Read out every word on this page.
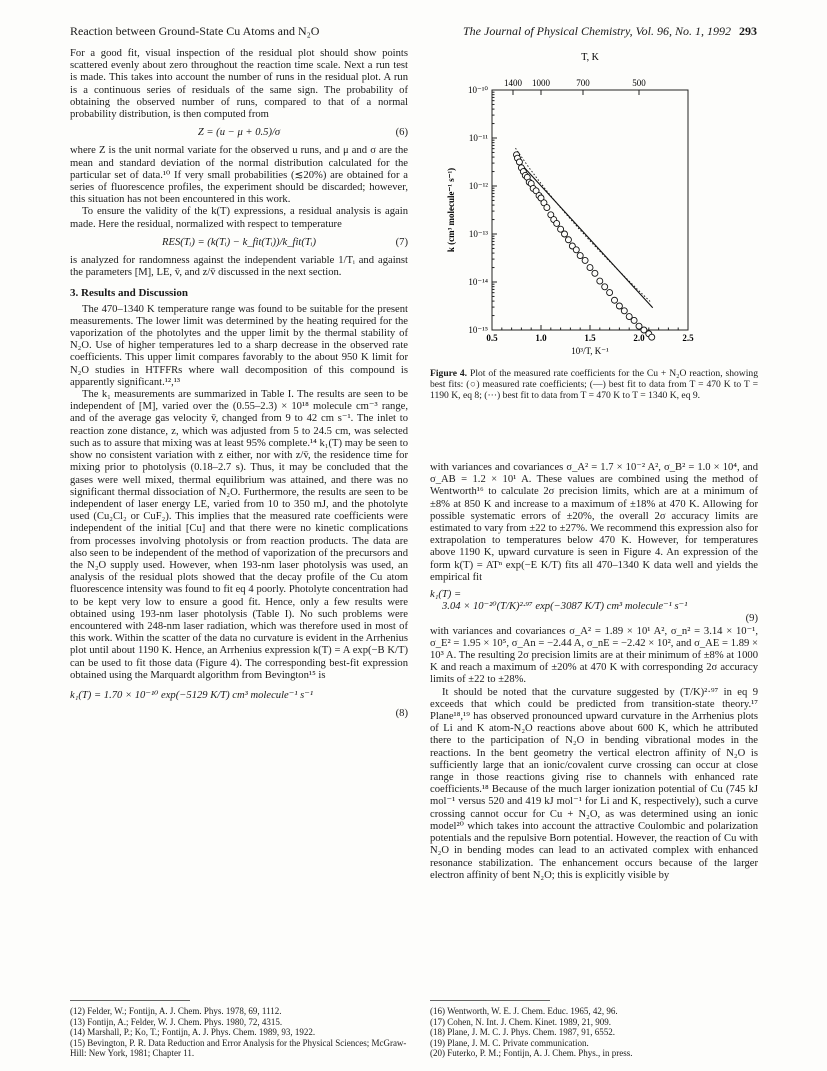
Reaction between Ground-State Cu Atoms and N₂O	The Journal of Physical Chemistry, Vol. 96, No. 1, 1992 293

For a good fit, visual inspection of the residual plot should show points scattered evenly about zero throughout the reaction time scale. Next a run test is made. This takes into account the number of runs in the residual plot. A run is a continuous series of residuals of the same sign. The probability of obtaining the observed number of runs, compared to that of a normal probability distribution, is then computed from

Z = (u − μ + 0.5)/σ	(6)

where Z is the unit normal variate for the observed u runs, and μ and σ are the mean and standard deviation of the normal distribution calculated for the particular set of data.¹⁰ If very small probabilities (≲20%) are obtained for a series of fluorescence profiles, the experiment should be discarded; however, this situation has not been encountered in this work.

To ensure the validity of the k(T) expressions, a residual analysis is again made. Here the residual, normalized with respect to temperature

RES(Tᵢ) = (k(Tᵢ) − k_fit(Tᵢ))/k_fit(Tᵢ)	(7)

is analyzed for randomness against the independent variable 1/Tᵢ and against the parameters [M], LE, v̄, and z/v̄ discussed in the next section.

3. Results and Discussion

The 470–1340 K temperature range was found to be suitable for the present measurements. The lower limit was determined by the heating required for the vaporization of the photolytes and the upper limit by the thermal stability of N₂O. Use of higher temperatures led to a sharp decrease in the observed rate coefficients. This upper limit compares favorably to the about 950 K limit for N₂O studies in HTFFRs where wall decomposition of this compound is apparently significant.¹²,¹³

The k₁ measurements are summarized in Table I. The results are seen to be independent of [M], varied over the (0.55–2.3) × 10¹⁸ molecule cm⁻³ range, and of the average gas velocity v̄, changed from 9 to 42 cm s⁻¹. The inlet to reaction zone distance, z, which was adjusted from 5 to 24.5 cm, was selected such as to assure that mixing was at least 95% complete.¹⁴ k₁(T) may be seen to show no consistent variation with z either, nor with z/v̄, the residence time for mixing prior to photolysis (0.18–2.7 s). Thus, it may be concluded that the gases were well mixed, thermal equilibrium was attained, and there was no significant thermal dissociation of N₂O. Furthermore, the results are seen to be independent of laser energy LE, varied from 10 to 350 mJ, and the photolyte used (Cu₂Cl₂ or CuF₂). This implies that the measured rate coefficients were independent of the initial [Cu] and that there were no kinetic complications from processes involving photolysis or from reaction products. The data are also seen to be independent of the method of vaporization of the precursors and the N₂O supply used. However, when 193-nm laser photolysis was used, an analysis of the residual plots showed that the decay profile of the Cu atom fluorescence intensity was found to fit eq 4 poorly. Photolyte concentration had to be kept very low to ensure a good fit. Hence, only a few results were obtained using 193-nm laser photolysis (Table I). No such problems were encountered with 248-nm laser radiation, which was therefore used in most of this work. Within the scatter of the data no curvature is evident in the Arrhenius plot until about 1190 K. Hence, an Arrhenius expression k(T) = A exp(−B K/T) can be used to fit those data (Figure 4). The corresponding best-fit expression obtained using the Marquardt algorithm from Bevington¹⁵ is

k₁(T) = 1.70 × 10⁻¹⁰ exp(−5129 K/T) cm³ molecule⁻¹ s⁻¹
(8)
T, K
1400 1000	700	500
10⁻¹⁰
10⁻¹¹
10⁻¹²
10⁻¹³
10⁻¹⁴
10⁻¹⁵
0.5	1.0	1.5	2.0	2.5
10³/T, K⁻¹
k (cm³ molecule⁻¹ s⁻¹)
Figure 4. Plot of the measured rate coefficients for the Cu + N₂O reaction, showing best fits: (○) measured rate coefficients; (—) best fit to data from T = 470 K to T = 1190 K, eq 8; (···) best fit to data from T = 470 K to T = 1340 K, eq 9.

with variances and covariances σ_A² = 1.7 × 10⁻² A², σ_B² = 1.0 × 10⁴, and σ_AB = 1.2 × 10¹ A. These values are combined using the method of Wentworth¹⁶ to calculate 2σ precision limits, which are at a minimum of ±8% at 850 K and increase to a maximum of ±18% at 470 K. Allowing for possible systematic errors of ±20%, the overall 2σ accuracy limits are estimated to vary from ±22 to ±27%. We recommend this expression also for extrapolation to temperatures below 470 K. However, for temperatures above 1190 K, upward curvature is seen in Figure 4. An expression of the form k(T) = ATⁿ exp(−E K/T) fits all 470–1340 K data well and yields the empirical fit

k₁(T) =
3.04 × 10⁻²⁰(T/K)²·⁹⁷ exp(−3087 K/T) cm³ molecule⁻¹ s⁻¹
(9)

with variances and covariances σ_A² = 1.89 × 10¹ A², σ_n² = 3.14 × 10⁻¹, σ_E² = 1.95 × 10⁵, σ_An = −2.44 A, σ_nE = −2.42 × 10², and σ_AE = 1.89 × 10³ A. The resulting 2σ precision limits are at their minimum of ±8% at 1000 K and reach a maximum of ±20% at 470 K with corresponding 2σ accuracy limits of ±22 to ±28%.

It should be noted that the curvature suggested by (T/K)²·⁹⁷ in eq 9 exceeds that which could be predicted from transition-state theory.¹⁷ Plane¹⁸,¹⁹ has observed pronounced upward curvature in the Arrhenius plots of Li and K atom-N₂O reactions above about 600 K, which he attributed there to the participation of N₂O in bending vibrational modes in the reactions. In the bent geometry the vertical electron affinity of N₂O is sufficiently large that an ionic/covalent curve crossing can occur at close range in those reactions giving rise to channels with enhanced rate coefficients.¹⁸ Because of the much larger ionization potential of Cu (745 kJ mol⁻¹ versus 520 and 419 kJ mol⁻¹ for Li and K, respectively), such a curve crossing cannot occur for Cu + N₂O, as was determined using an ionic model²⁰ which takes into account the attractive Coulombic and polarization potentials and the repulsive Born potential. However, the reaction of Cu with N₂O in bending modes can lead to an activated complex with enhanced resonance stabilization. The enhancement occurs because of the larger electron affinity of bent N₂O; this is explicitly visible by

(12) Felder, W.; Fontijn, A. J. Chem. Phys. 1978, 69, 1112.
(13) Fontijn, A.; Felder, W. J. Chem. Phys. 1980, 72, 4315.
(14) Marshall, P.; Ko, T.; Fontijn, A. J. Phys. Chem. 1989, 93, 1922.
(15) Bevington, P. R. Data Reduction and Error Analysis for the Physical Sciences; McGraw-Hill: New York, 1981; Chapter 11.
(16) Wentworth, W. E. J. Chem. Educ. 1965, 42, 96.
(17) Cohen, N. Int. J. Chem. Kinet. 1989, 21, 909.
(18) Plane, J. M. C. J. Phys. Chem. 1987, 91, 6552.
(19) Plane, J. M. C. Private communication.
(20) Futerko, P. M.; Fontijn, A. J. Chem. Phys., in press.
